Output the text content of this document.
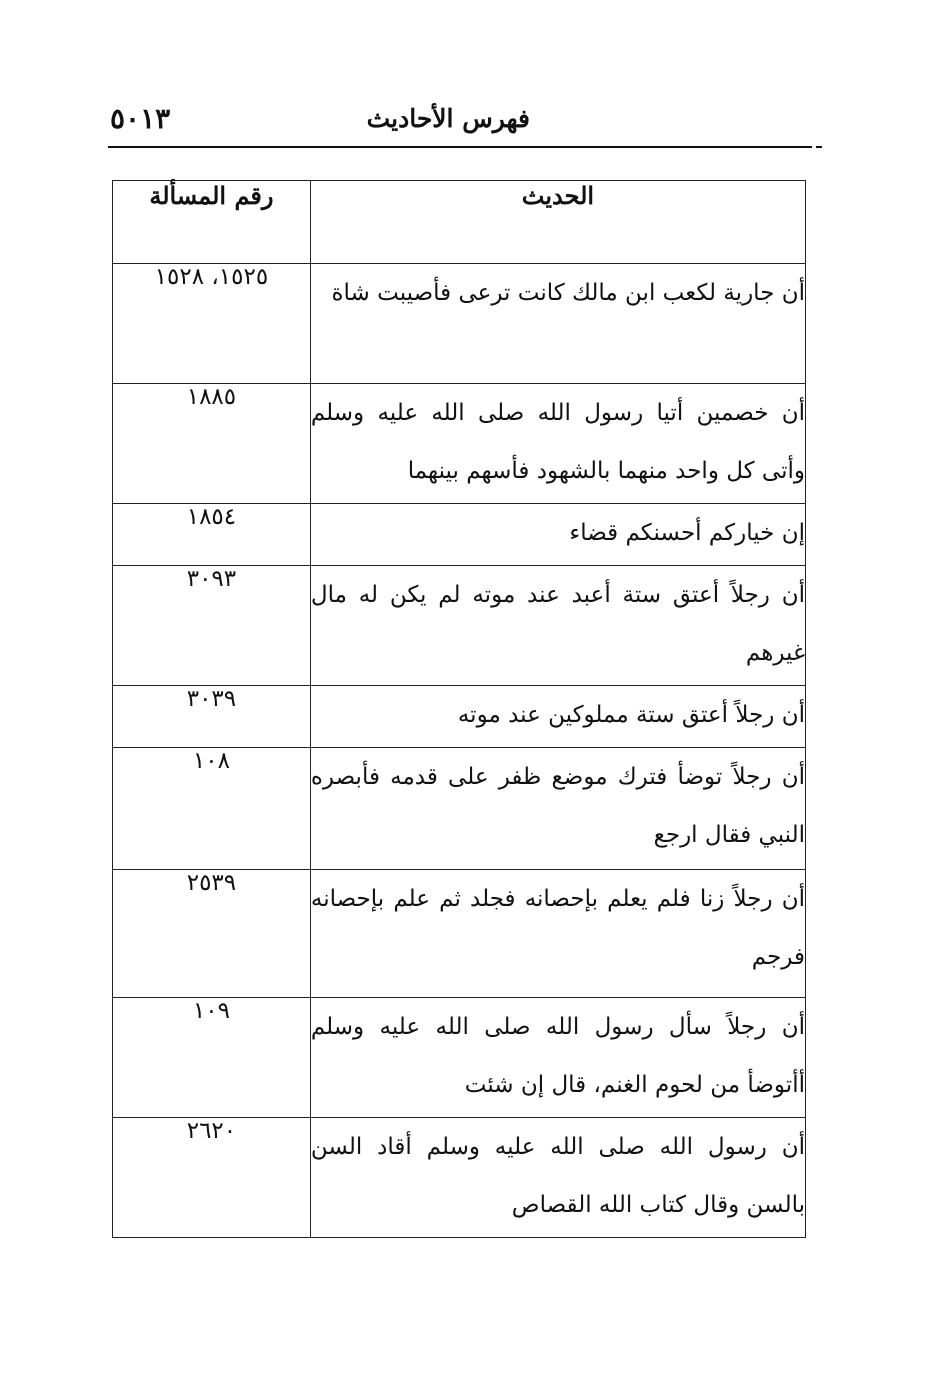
٥٠١٣	فهرس الأحاديث
الحديث	رقم المسألة
أن جارية لكعب ابن مالك كانت ترعى فأصيبت شاة	١٥٢٥، ١٥٢٨
أن خصمين أتيا رسول الله صلى الله عليه وسلم وأتى كل واحد منهما بالشهود فأسهم بينهما	١٨٨٥
إن خياركم أحسنكم قضاء	١٨٥٤
أن رجلاً أعتق ستة أعبد عند موته لم يكن له مال غيرهم	٣٠٩٣
أن رجلاً أعتق ستة مملوكين عند موته	٣٠٣٩
أن رجلاً توضأ فترك موضع ظفر على قدمه فأبصره النبي فقال ارجع	١٠٨
أن رجلاً زنا فلم يعلم بإحصانه فجلد ثم علم بإحصانه فرجم	٢٥٣٩
أن رجلاً سأل رسول الله صلى الله عليه وسلم أأتوضأ من لحوم الغنم، قال إن شئت	١٠٩
أن رسول الله صلى الله عليه وسلم أقاد السن بالسن وقال كتاب الله القصاص	٢٦٢٠
